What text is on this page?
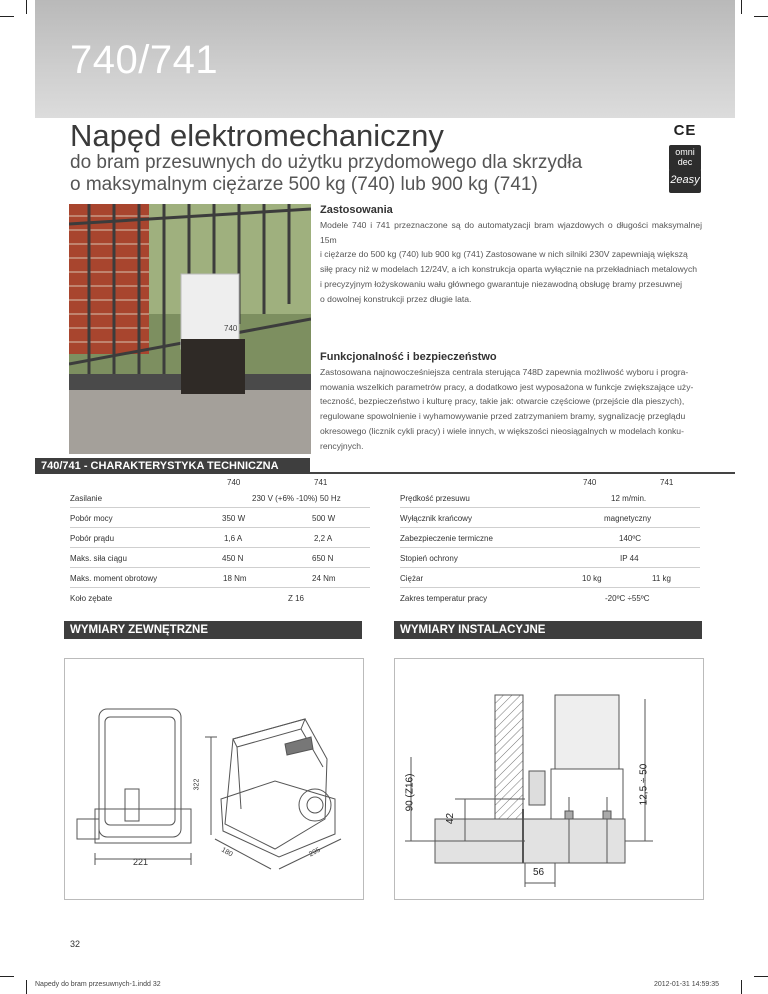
740/741
Napęd elektromechaniczny
do bram przesuwnych do użytku przydomowego dla skrzydła
o maksymalnym ciężarze 500 kg (740) lub 900 kg (741)
CE
omni dec
2easy
740
Zastosowania
Modele 740 i 741 przeznaczone są do automatyzacji bram wjazdowych o długości maksymalnej 15m
i ciężarze do 500 kg (740) lub 900 kg (741) Zastosowane w nich silniki 230V zapewniają większą
siłę pracy niż w modelach 12/24V, a ich konstrukcja oparta wyłącznie na przekładniach metalowych
i precyzyjnym łożyskowaniu wału głównego gwarantuje niezawodną obsługę bramy przesuwnej
o dowolnej konstrukcji przez długie lata.
Funkcjonalność i bezpieczeństwo
Zastosowana najnowocześniejsza centrala sterująca 748D zapewnia możliwość wyboru i progra-
mowania wszelkich parametrów pracy, a dodatkowo jest wyposażona w funkcje zwiększające uży-
teczność, bezpieczeństwo i kulturę pracy, takie jak: otwarcie częściowe (przejście dla pieszych),
regulowane spowolnienie i wyhamowywanie przed zatrzymaniem bramy, sygnalizację przeglądu
okresowego (licznik cykli pracy) i wiele innych, w większości nieosiągalnych w modelach konku-
rencyjnych.
740/741 - CHARAKTERYSTYKA TECHNICZNA
740	741	740	741
Zasilanie	230 V (+6% -10%) 50 Hz
Pobór mocy	350 W	500 W
Pobór prądu	1,6 A	2,2 A
Maks. siła ciągu	450 N	650 N
Maks. moment obrotowy	18 Nm	24 Nm
Koło zębate	Z 16
Prędkość przesuwu	12 m/min.
Wyłącznik krańcowy	magnetyczny
Zabezpieczenie termiczne	140ºC
Stopień ochrony	IP 44
Ciężar	10 kg	11 kg
Zakres temperatur pracy	-20ºC ÷55ºC
WYMIARY ZEWNĘTRZNE	WYMIARY INSTALACYJNE
221
322
180	295
90 (Z16)
42
12,5 ÷ 50
56
32
Napedy do bram przesuwnych-1.indd 32	2012-01-31 14:59:35
